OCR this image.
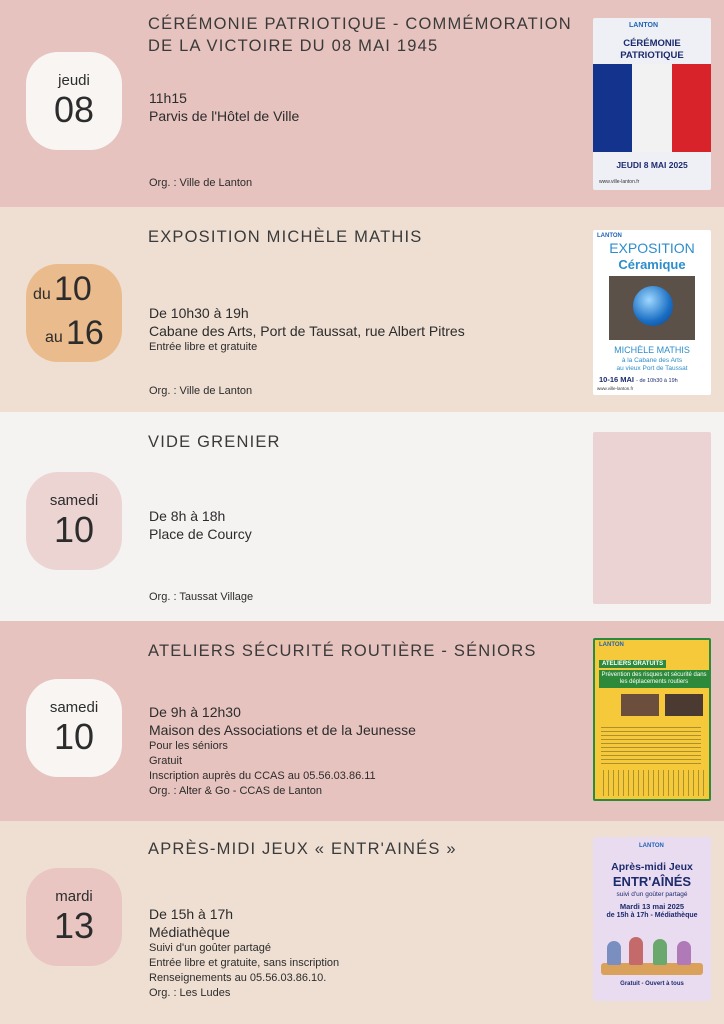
CÉRÉMONIE PATRIOTIQUE - COMMÉMORATION DE LA VICTOIRE DU 08 MAI 1945
jeudi
08	11h15
Parvis de l'Hôtel de Ville
Org. : Ville de Lanton
LANTON
CÉRÉMONIE
PATRIOTIQUE
JEUDI 8 MAI 2025
www.ville-lanton.fr
EXPOSITION MICHÈLE MATHIS
du 10
au 16
De 10h30 à 19h
Cabane des Arts, Port de Taussat, rue Albert Pitres
Entrée libre et gratuite
Org. : Ville de Lanton
LANTON
EXPOSITION
Céramique
MICHÈLE MATHIS
à la Cabane des Arts
au vieux Port de Taussat
10-16 MAI - de 10h30 à 19h
www.ville-lanton.fr
VIDE GRENIER
samedi
10	De 8h à 18h
Place de Courcy
Org. : Taussat Village
ATELIERS SÉCURITÉ ROUTIÈRE - SÉNIORS
samedi
10
De 9h à 12h30
Maison des Associations et de la Jeunesse
Pour les séniors
Gratuit
Inscription auprès du CCAS au 05.56.03.86.11
Org. : Alter & Go - CCAS de Lanton
LANTON
ATELIERS GRATUITS
Prévention des risques et sécurité dans les déplacements routiers
APRÈS-MIDI JEUX « ENTR'AINÉS »
mardi
13	De 15h à 17h
Médiathèque
Suivi d'un goûter partagé
Entrée libre et gratuite, sans inscription
Renseignements au 05.56.03.86.10.
Org. : Les Ludes
LANTON
Après-midi Jeux
ENTR'AÎNÉS
suivi d'un goûter partagé
Mardi 13 mai 2025
de 15h à 17h - Médiathèque
Gratuit - Ouvert à tous
